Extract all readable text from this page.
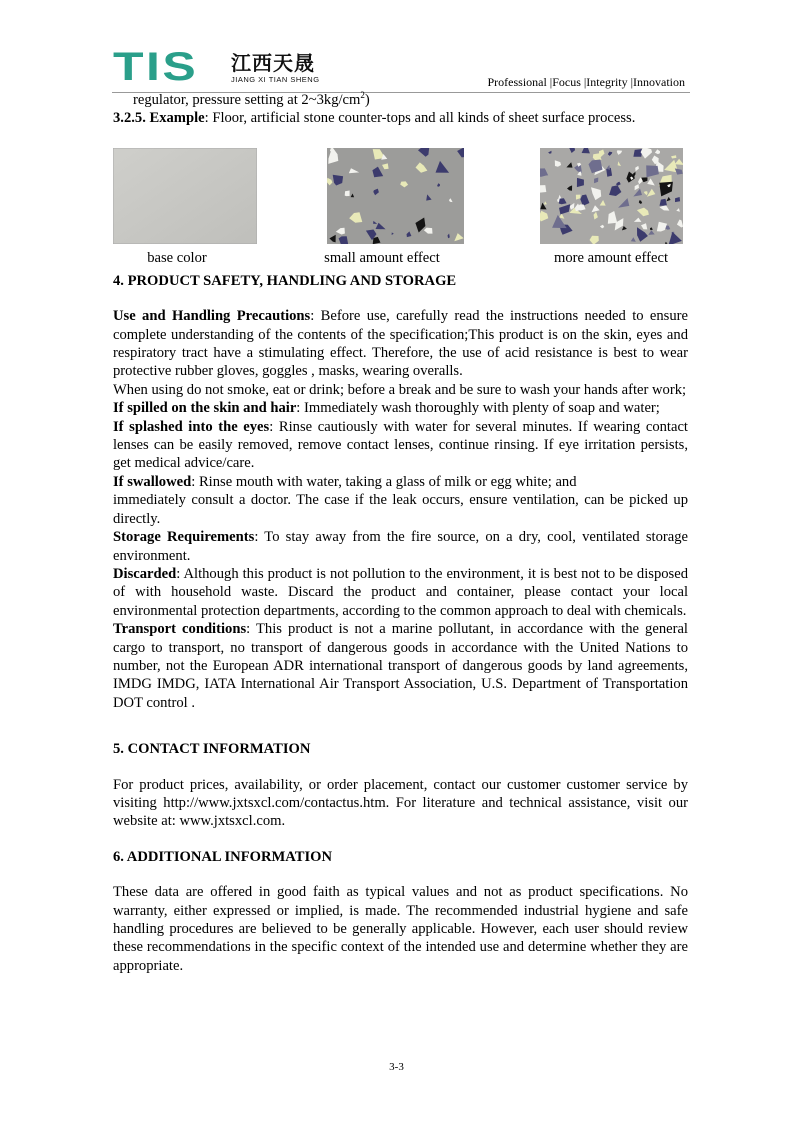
TIS 江西天晟
JIANG XI TIAN SHENG	Professional |Focus |Integrity |Innovation

regulator, pressure setting at $2\sim 3kg/cm^2$)

3.2.5. Example: Floor, artificial stone counter-tops and all kinds of sheet surface process.

base color	small amount effect	more amount effect
4. PRODUCT SAFETY, HANDLING AND STORAGE

Use and Handling Precautions: Before use, carefully read the instructions needed to ensure complete understanding of the contents of the specification;This product is on the skin, eyes and respiratory tract have a stimulating effect. Therefore, the use of acid resistance is best to wear protective rubber gloves, goggles , masks, wearing overalls.

When using do not smoke, eat or drink; before a break and be sure to wash your hands after work;

If spilled on the skin and hair: Immediately wash thoroughly with plenty of soap and water;

If splashed into the eyes: Rinse cautiously with water for several minutes. If wearing contact lenses can be easily removed, remove contact lenses, continue rinsing. If eye irritation persists, get medical advice/care.

If swallowed: Rinse mouth with water, taking a glass of milk or egg white; and

immediately consult a doctor. The case if the leak occurs, ensure ventilation, can be picked up directly.

Storage Requirements: To stay away from the fire source, on a dry, cool, ventilated storage environment.

Discarded: Although this product is not pollution to the environment, it is best not to be disposed of with household waste. Discard the product and container, please contact your local environmental protection departments, according to the common approach to deal with chemicals.

Transport conditions: This product is not a marine pollutant, in accordance with the general cargo to transport, no transport of dangerous goods in accordance with the United Nations to number, not the European ADR international transport of dangerous goods by land agreements, IMDG IMDG, IATA International Air Transport Association, U.S. Department of Transportation DOT control .

5. CONTACT INFORMATION

For product prices, availability, or order placement, contact our customer customer service by visiting http://www.jxtsxcl.com/contactus.htm. For literature and technical assistance, visit our website at: www.jxtsxcl.com.

6. ADDITIONAL INFORMATION

These data are offered in good faith as typical values and not as product specifications. No warranty, either expressed or implied, is made. The recommended industrial hygiene and safe handling procedures are believed to be generally applicable. However, each user should review these recommendations in the specific context of the intended use and determine whether they are appropriate.

3-3
